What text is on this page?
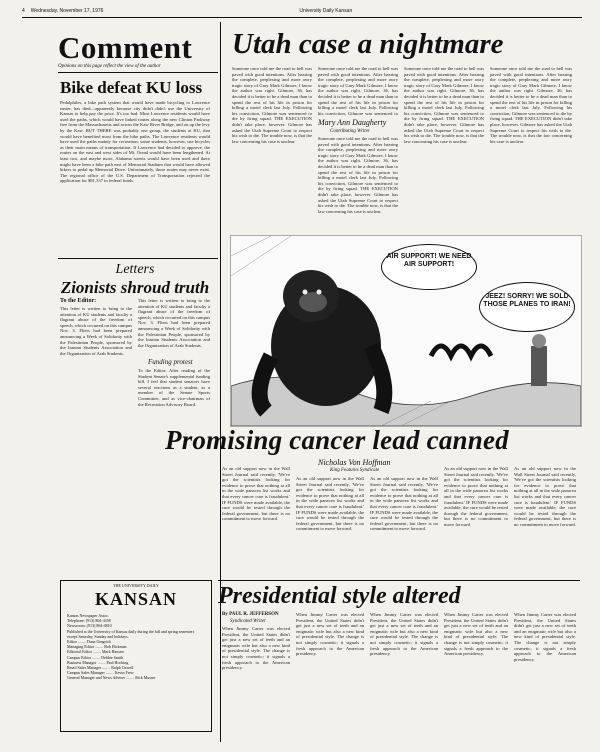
4 Wednesday, November 17, 1976	University Daily Kansan
Comment
Opinions on this page reflect the view of the author
Bike defeat KU loss
Pedalphiles, a bike path system that would have made bicycling to Lawrence easier, has died—apparently because city didn't didn't use the University of Kansas to help pay the price. It's too bad. Most Lawrence residents would have used the paths, which would have linked routes along the new Clinton Parkway free from the Massachusetts and across the Kaw River Bridge, and on up the levy by the Kaw. BUT THERE was probably one group, the students at KU, that would have benefited most from the bike paths. The Lawrence residents would have used the paths mainly for recreation; some students, however, use bicycles as their main means of transportation. If Lawrence had decided to approve, the routes on the east and west sides of Mt. Oread would have been lengthened. At least two, and maybe more, Alabama streets would have been used and there might have been a bike path east of Memorial Stadium that would have allowed bikers to pedal up Memorial Drive. Unfortunately, those routes may never exist. The regional office of the U.S. Department of Transportation rejected the application for $81,337 in federal funds.
Utah case a nightmare
Someone once told me the road to hell was paved with good intentions. After hearing the complete, perplexing and more awry tragic story of Gary Mark Gilmore, I know the author was right. Gilmore, 36, has decided it is better to be a dead man than to spend the rest of his life in prison for killing a motel clerk last July. Following his conviction, Gilmore was sentenced to die by firing squad. THE EXECUTION didn't take place, however. Gilmore has asked the Utah Supreme Court to respect his wish to die. The trouble now, is that the law concerning his case is unclear.
Mary Ann Daugherty
Contributing Writer
Someone once told me the road to hell was paved with good intentions. After hearing the complete, perplexing and more awry tragic story of Gary Mark Gilmore, I know the author was right. Gilmore, 36, has decided it is better to be a dead man than to spend the rest of his life in prison for killing a motel clerk last July. Following his conviction, Gilmore was sentenced to
Someone once told me the road to hell was paved with good intentions. After hearing the complete, perplexing and more awry tragic story of Gary Mark Gilmore, I know the author was right. Gilmore, 36, has decided it is better to be a dead man than to spend the rest of his life in prison for killing a motel clerk last July. Following his conviction, Gilmore was sentenced to die by firing squad. THE EXECUTION didn't take place, however. Gilmore has asked the Utah Supreme Court to respect his wish to die. The trouble now, is that the law concerning his case is unclear.
Someone once told me the road to hell was paved with good intentions. After hearing the complete, perplexing and more awry tragic story of Gary Mark Gilmore, I know the author was right. Gilmore, 36, has decided it is better to be a dead man than to spend the rest of his life in prison for killing a motel clerk last July. Following his conviction, Gilmore was sentenced to die by firing squad. THE EXECUTION didn't take place, however. Gilmore has asked the Utah Supreme Court to respect his wish to die. The trouble now, is that the law concerning his case is unclear.
Someone once told me the road to hell was paved with good intentions. After hearing the complete, perplexing and more awry tragic story of Gary Mark Gilmore, I know the author was right. Gilmore, 36, has decided it is better to be a dead man than to spend the rest of his life in prison for killing a motel clerk last July. Following his conviction, Gilmore was sentenced to die by firing squad. THE EXECUTION didn't take place, however. Gilmore has asked the Utah Supreme Court to respect his wish to die. The trouble now, is that the law concerning his case is unclear.
Letters
Zionists shroud truth
To the Editor:
This letter is written to bring to the attention of KU students and faculty a flagrant abuse of the freedom of speech, which occurred on this campus Nov. 3. Fliers had been prepared announcing a Week of Solidarity with the Palestinian People, sponsored by the Iranian Students Association and the Organization of Arab Students.
This letter is written to bring to the attention of KU students and faculty a flagrant abuse of the freedom of speech, which occurred on this campus Nov. 3. Fliers had been prepared announcing a Week of Solidarity with the Palestinian People, sponsored by the Iranian Students Association and the Organization of Arab Students.
Funding protest
To the Editor: After reading of the Student Senate's supplemental funding bill, I feel that student senators have several reactions as a student, as a member of the Senate Sports Committee, and as vice-chairman of the Recreation Advisory Board.
AIR SUPPORT! WE NEED AIR SUPPORT!
JEEZ! SORRY! WE SOLD THOSE PLANES TO IRAN!
Promising cancer lead canned
Nicholas Von Hoffman
King Features Syndicate
As an old support now in the Wall Street Journal said recently, 'We've got the scientists looking for evidence to prove that nothing at all in the wide panacea list works and that every cancer cure is fraudulent.' IF FUNDS were made available, the cure would be tested through the federal government, but there is no commitment to move forward.
As an old support now in the Wall Street Journal said recently, 'We've got the scientists looking for evidence to prove that nothing at all in the wide panacea list works and that every cancer cure is fraudulent.' IF FUNDS were made available, the cure would be tested through the federal government, but there is no commitment to move forward.
As an old support now in the Wall Street Journal said recently, 'We've got the scientists looking for evidence to prove that nothing at all in the wide panacea list works and that every cancer cure is fraudulent.' IF FUNDS were made available, the cure would be tested through the federal government, but there is no commitment to move forward.
As an old support now in the Wall Street Journal said recently, 'We've got the scientists looking for evidence to prove that nothing at all in the wide panacea list works and that every cancer cure is fraudulent.' IF FUNDS were made available, the cure would be tested through the federal government, but there is no commitment to move forward.
As an old support now in the Wall Street Journal said recently, 'We've got the scientists looking for evidence to prove that nothing at all in the wide panacea list works and that every cancer cure is fraudulent.' IF FUNDS were made available, the cure would be tested through the federal government, but there is no commitment to move forward.
Presidential style altered
By PAUL R. JEFFERSON
Syndicated Writer
When Jimmy Carter was elected President, the United States didn't get just a new set of teeth and an enigmatic wife but also a new kind of presidential style. The change is not simply cosmetic; it signals a fresh approach to the American presidency.
When Jimmy Carter was elected President, the United States didn't get just a new set of teeth and an enigmatic wife but also a new kind of presidential style. The change is not simply cosmetic; it signals a fresh approach to the American presidency.
When Jimmy Carter was elected President, the United States didn't get just a new set of teeth and an enigmatic wife but also a new kind of presidential style. The change is not simply cosmetic; it signals a fresh approach to the American presidency.
When Jimmy Carter was elected President, the United States didn't get just a new set of teeth and an enigmatic wife but also a new kind of presidential style. The change is not simply cosmetic; it signals a fresh approach to the American presidency.
When Jimmy Carter was elected President, the United States didn't get just a new set of teeth and an enigmatic wife but also a new kind of presidential style. The change is not simply cosmetic; it signals a fresh approach to the American presidency.
THE UNIVERSITY DAILY
KANSAN
Kansas Newspaper Assoc.
Telephone: (913) 864-4358
Newsroom: (913) 864-4810
Published at the University of Kansas daily during the fall and spring semesters except Saturday, Sunday and holidays.
Editor ........ Dana Gingrich
Managing Editor ........ Bob Hickman
Editorial Editor ........ Mark Hansen
Campus Editor ........ Debbie Smith
Business Manager ........ Paul Hocking
Retail Sales Manager ........ Ralph Oxwell
Campus Sales Manager ........ Kevin Frew
General Manager and News Adviser ........ Rick Musser
